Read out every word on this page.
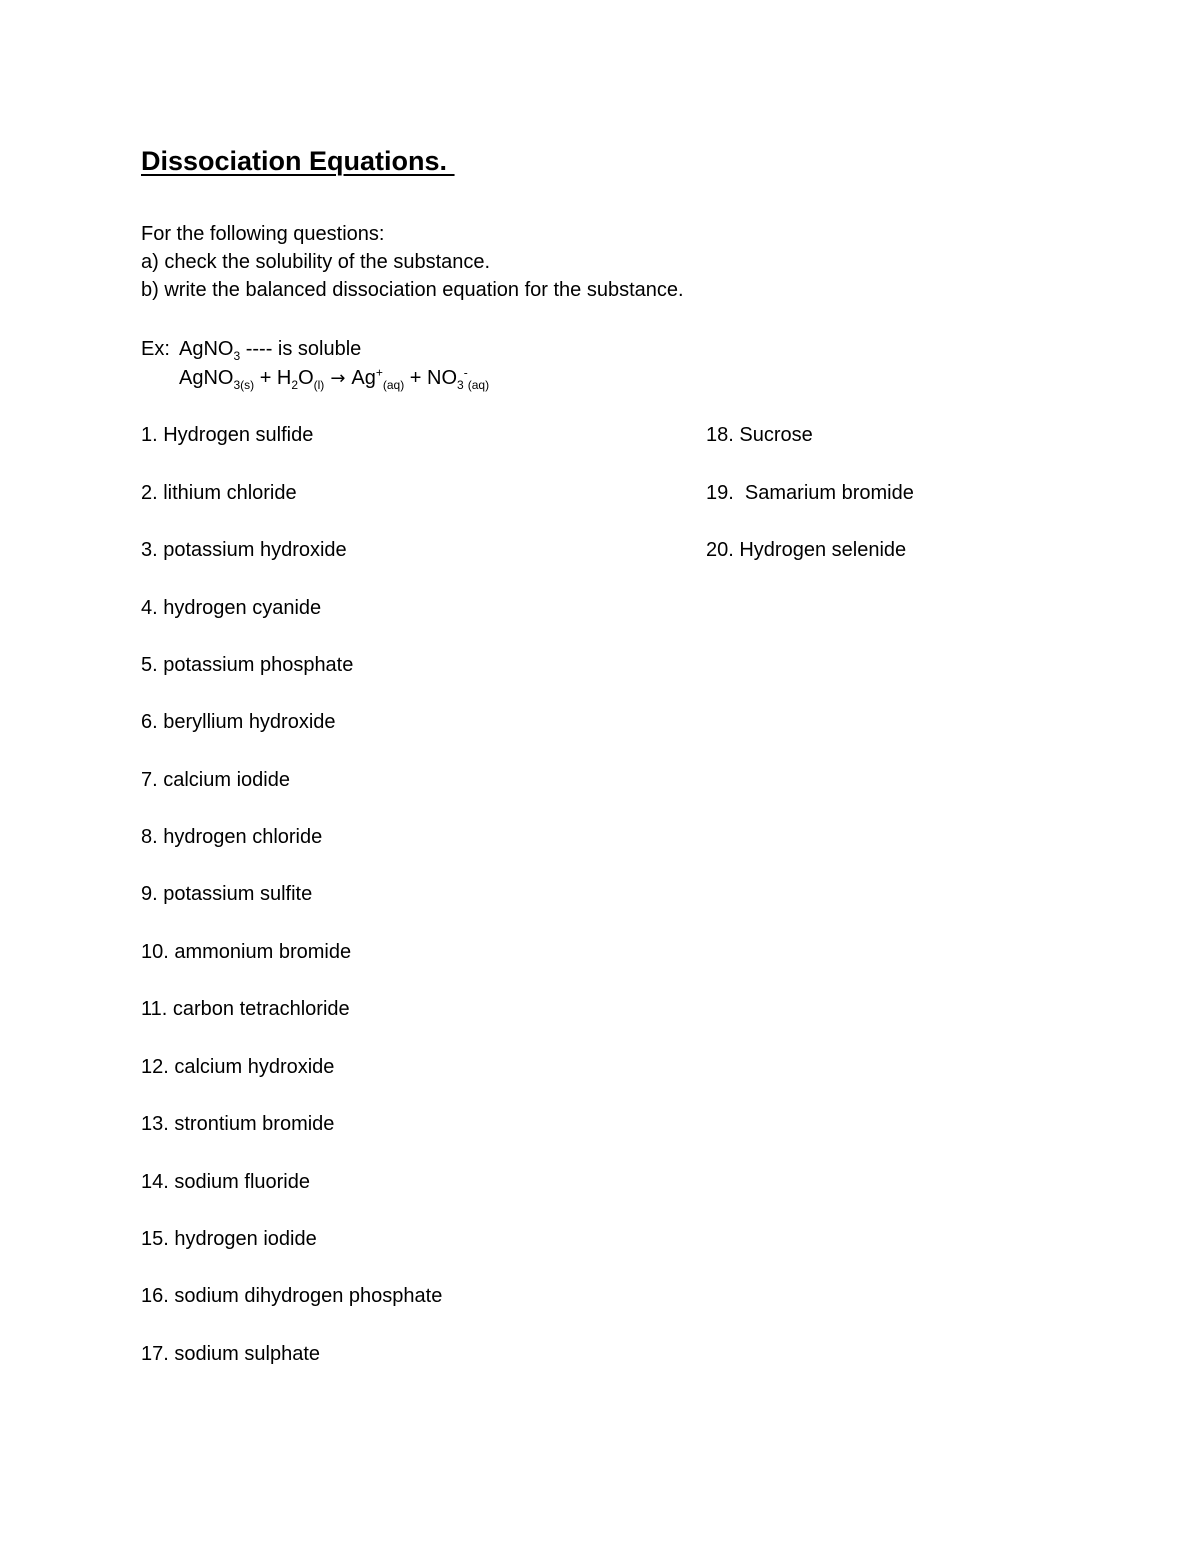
Dissociation Equations.
For the following questions:
a) check the solubility of the substance.
b) write the balanced dissociation equation for the substance.
Ex: AgNO$_3$ ---- is soluble
AgNO$_{3(s)}$ + $H_2O_{(l)} \to Ag^+_{(aq)} + NO_3^-_{(aq)}$
1. Hydrogen sulfide
2. lithium chloride
3. potassium hydroxide
4. hydrogen cyanide
5. potassium phosphate
6. beryllium hydroxide
7. calcium iodide
8. hydrogen chloride
9. potassium sulfite
10. ammonium bromide
11. carbon tetrachloride
12. calcium hydroxide
13. strontium bromide
14. sodium fluoride
15. hydrogen iodide
16. sodium dihydrogen phosphate
17. sodium sulphate
18. Sucrose
19.  Samarium bromide
20. Hydrogen selenide
